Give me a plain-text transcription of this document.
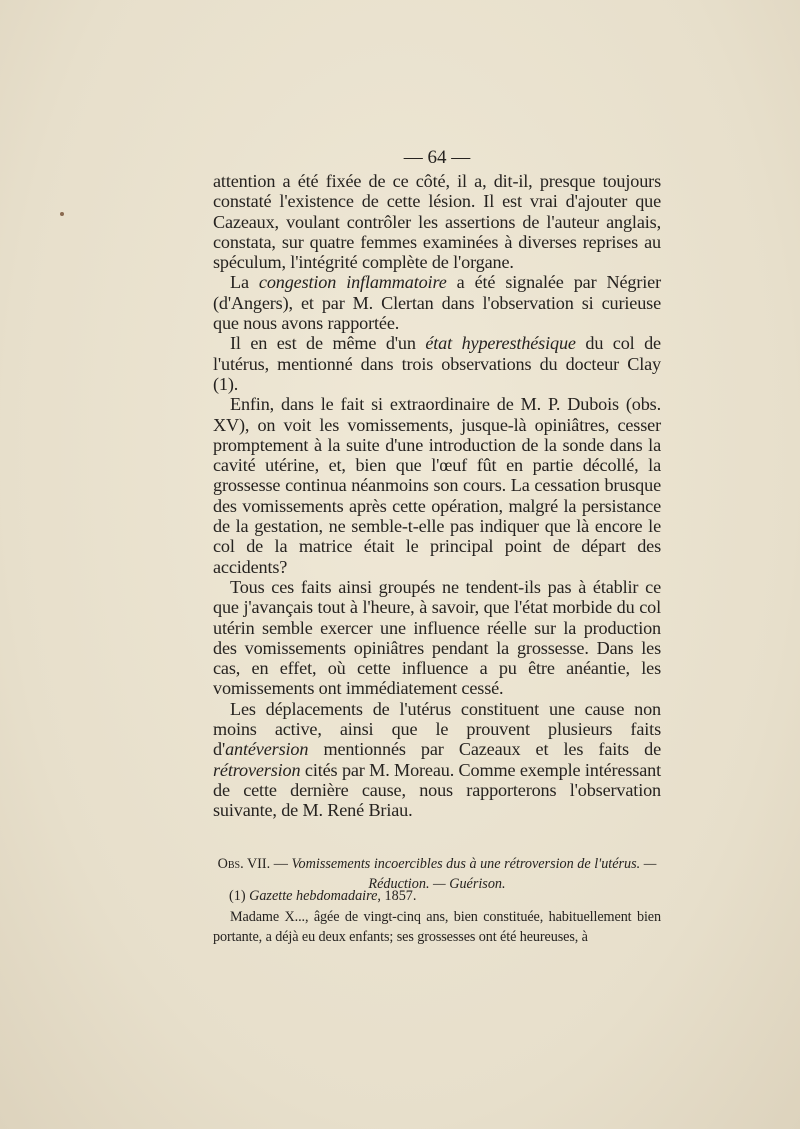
— 64 —

attention a été fixée de ce côté, il a, dit-il, presque toujours constaté l'existence de cette lésion. Il est vrai d'ajouter que Cazeaux, voulant contrôler les assertions de l'auteur anglais, constata, sur quatre femmes examinées à diverses reprises au spéculum, l'intégrité complète de l'organe.

La congestion inflammatoire a été signalée par Négrier (d'Angers), et par M. Clertan dans l'observation si curieuse que nous avons rapportée.

Il en est de même d'un état hyperesthésique du col de l'utérus, mentionné dans trois observations du docteur Clay (1).

Enfin, dans le fait si extraordinaire de M. P. Dubois (obs. XV), on voit les vomissements, jusque-là opiniâtres, cesser promptement à la suite d'une introduction de la sonde dans la cavité utérine, et, bien que l'œuf fût en partie décollé, la grossesse continua néanmoins son cours. La cessation brusque des vomissements après cette opération, malgré la persistance de la gestation, ne semble-t-elle pas indiquer que là encore le col de la matrice était le principal point de départ des accidents?

Tous ces faits ainsi groupés ne tendent-ils pas à établir ce que j'avançais tout à l'heure, à savoir, que l'état morbide du col utérin semble exercer une influence réelle sur la production des vomissements opiniâtres pendant la grossesse. Dans les cas, en effet, où cette influence a pu être anéantie, les vomissements ont immédiatement cessé.

Les déplacements de l'utérus constituent une cause non moins active, ainsi que le prouvent plusieurs faits d'antéversion mentionnés par Cazeaux et les faits de rétroversion cités par M. Moreau. Comme exemple intéressant de cette dernière cause, nous rapporterons l'observation suivante, de M. René Briau.

Obs. VII. — Vomissements incoercibles dus à une rétroversion de l'utérus. — Réduction. — Guérison.
Madame X..., âgée de vingt-cinq ans, bien constituée, habituellement bien portante, a déjà eu deux enfants; ses grossesses ont été heureuses, à
(1) Gazette hebdomadaire, 1857.
